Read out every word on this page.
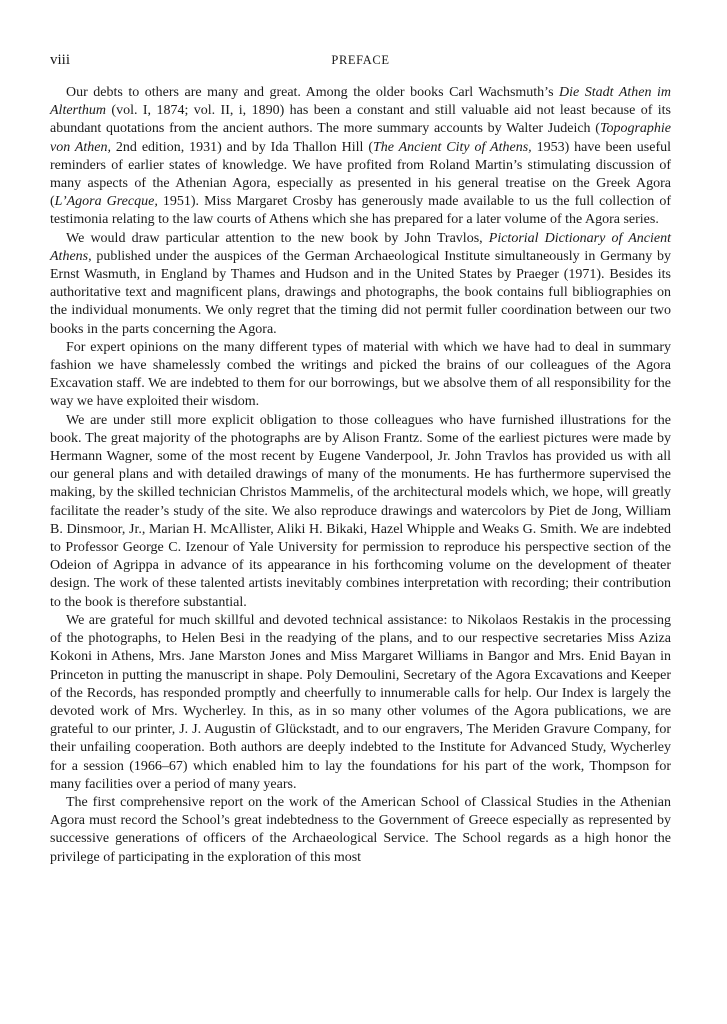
viii	PREFACE

Our debts to others are many and great. Among the older books Carl Wachsmuth’s Die Stadt Athen im Alterthum (vol. I, 1874; vol. II, i, 1890) has been a constant and still valuable aid not least because of its abundant quotations from the ancient authors. The more summary accounts by Walter Judeich (Topographie von Athen, 2nd edition, 1931) and by Ida Thallon Hill (The Ancient City of Athens, 1953) have been useful reminders of earlier states of knowledge. We have profited from Roland Martin’s stimulating discussion of many aspects of the Athenian Agora, especially as presented in his general treatise on the Greek Agora (L’Agora Grecque, 1951). Miss Margaret Crosby has generously made available to us the full collection of testimonia relating to the law courts of Athens which she has prepared for a later volume of the Agora series.

We would draw particular attention to the new book by John Travlos, Pictorial Dictionary of Ancient Athens, published under the auspices of the German Archaeological Institute simultaneously in Germany by Ernst Wasmuth, in England by Thames and Hudson and in the United States by Praeger (1971). Besides its authoritative text and magnificent plans, drawings and photographs, the book contains full bibliographies on the individual monuments. We only regret that the timing did not permit fuller coordination between our two books in the parts concerning the Agora.

For expert opinions on the many different types of material with which we have had to deal in summary fashion we have shamelessly combed the writings and picked the brains of our colleagues of the Agora Excavation staff. We are indebted to them for our borrowings, but we absolve them of all responsibility for the way we have exploited their wisdom.

We are under still more explicit obligation to those colleagues who have furnished illustrations for the book. The great majority of the photographs are by Alison Frantz. Some of the earliest pictures were made by Hermann Wagner, some of the most recent by Eugene Vanderpool, Jr. John Travlos has provided us with all our general plans and with detailed drawings of many of the monuments. He has furthermore supervised the making, by the skilled technician Christos Mammelis, of the architectural models which, we hope, will greatly facilitate the reader’s study of the site. We also reproduce drawings and watercolors by Piet de Jong, William B. Dinsmoor, Jr., Marian H. McAllister, Aliki H. Bikaki, Hazel Whipple and Weaks G. Smith. We are indebted to Professor George C. Izenour of Yale University for permission to reproduce his perspective section of the Odeion of Agrippa in advance of its appearance in his forthcoming volume on the development of theater design. The work of these talented artists inevitably combines interpretation with recording; their contribution to the book is therefore substantial.

We are grateful for much skillful and devoted technical assistance: to Nikolaos Restakis in the processing of the photographs, to Helen Besi in the readying of the plans, and to our respective secretaries Miss Aziza Kokoni in Athens, Mrs. Jane Marston Jones and Miss Margaret Williams in Bangor and Mrs. Enid Bayan in Princeton in putting the manuscript in shape. Poly Demoulini, Secretary of the Agora Excavations and Keeper of the Records, has responded promptly and cheerfully to innumerable calls for help. Our Index is largely the devoted work of Mrs. Wycherley. In this, as in so many other volumes of the Agora publications, we are grateful to our printer, J. J. Augustin of Glückstadt, and to our engravers, The Meriden Gravure Company, for their unfailing cooperation. Both authors are deeply indebted to the Institute for Advanced Study, Wycherley for a session (1966–67) which enabled him to lay the foundations for his part of the work, Thompson for many facilities over a period of many years.

The first comprehensive report on the work of the American School of Classical Studies in the Athenian Agora must record the School’s great indebtedness to the Government of Greece especially as represented by successive generations of officers of the Archaeological Service. The School regards as a high honor the privilege of participating in the exploration of this most
